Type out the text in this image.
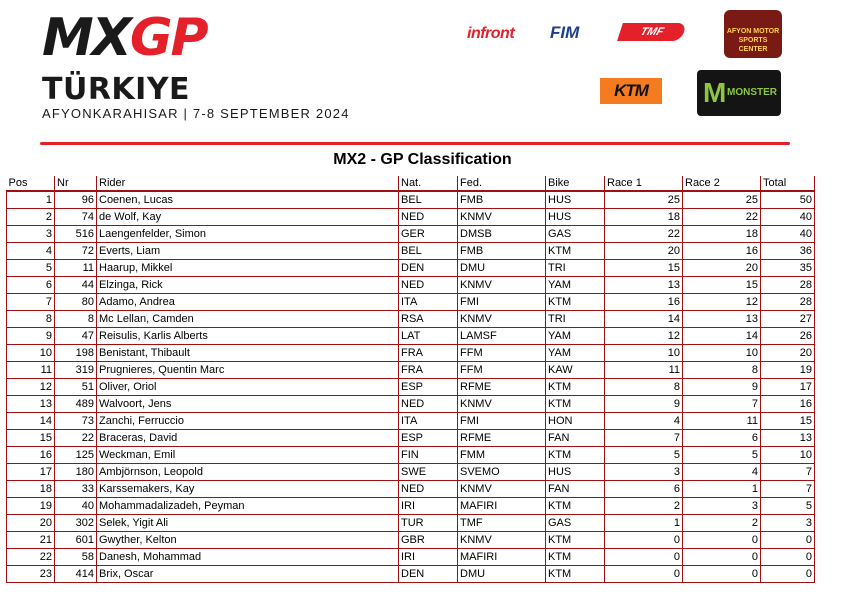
MXGP
TÜRKIYE
AFYONKARAHISAR | 7-8 SEPTEMBER 2024
infront FIM	TMF	AFYON MOTOR SPORTS CENTER
KTM	M MONSTER
MX2 - GP Classification
Pos	Nr	Rider	Nat.	Fed.	Bike	Race 1	Race 2	Total
1	96	Coenen, Lucas	BEL	FMB	HUS	25	25	50
2	74	de Wolf, Kay	NED	KNMV	HUS	18	22	40
3	516	Laengenfelder, Simon	GER	DMSB	GAS	22	18	40
4	72	Everts, Liam	BEL	FMB	KTM	20	16	36
5	11	Haarup, Mikkel	DEN	DMU	TRI	15	20	35
6	44	Elzinga, Rick	NED	KNMV	YAM	13	15	28
7	80	Adamo, Andrea	ITA	FMI	KTM	16	12	28
8	8	Mc Lellan, Camden	RSA	KNMV	TRI	14	13	27
9	47	Reisulis, Karlis Alberts	LAT	LAMSF	YAM	12	14	26
10	198	Benistant, Thibault	FRA	FFM	YAM	10	10	20
11	319	Prugnieres, Quentin Marc	FRA	FFM	KAW	11	8	19
12	51	Oliver, Oriol	ESP	RFME	KTM	8	9	17
13	489	Walvoort, Jens	NED	KNMV	KTM	9	7	16
14	73	Zanchi, Ferruccio	ITA	FMI	HON	4	11	15
15	22	Braceras, David	ESP	RFME	FAN	7	6	13
16	125	Weckman, Emil	FIN	FMM	KTM	5	5	10
17	180	Ambjörnson, Leopold	SWE	SVEMO	HUS	3	4	7
18	33	Karssemakers, Kay	NED	KNMV	FAN	6	1	7
19	40	Mohammadalizadeh, Peyman	IRI	MAFIRI	KTM	2	3	5
20	302	Selek, Yigit Ali	TUR	TMF	GAS	1	2	3
21	601	Gwyther, Kelton	GBR	KNMV	KTM	0	0	0
22	58	Danesh, Mohammad	IRI	MAFIRI	KTM	0	0	0
23	414	Brix, Oscar	DEN	DMU	KTM	0	0	0
